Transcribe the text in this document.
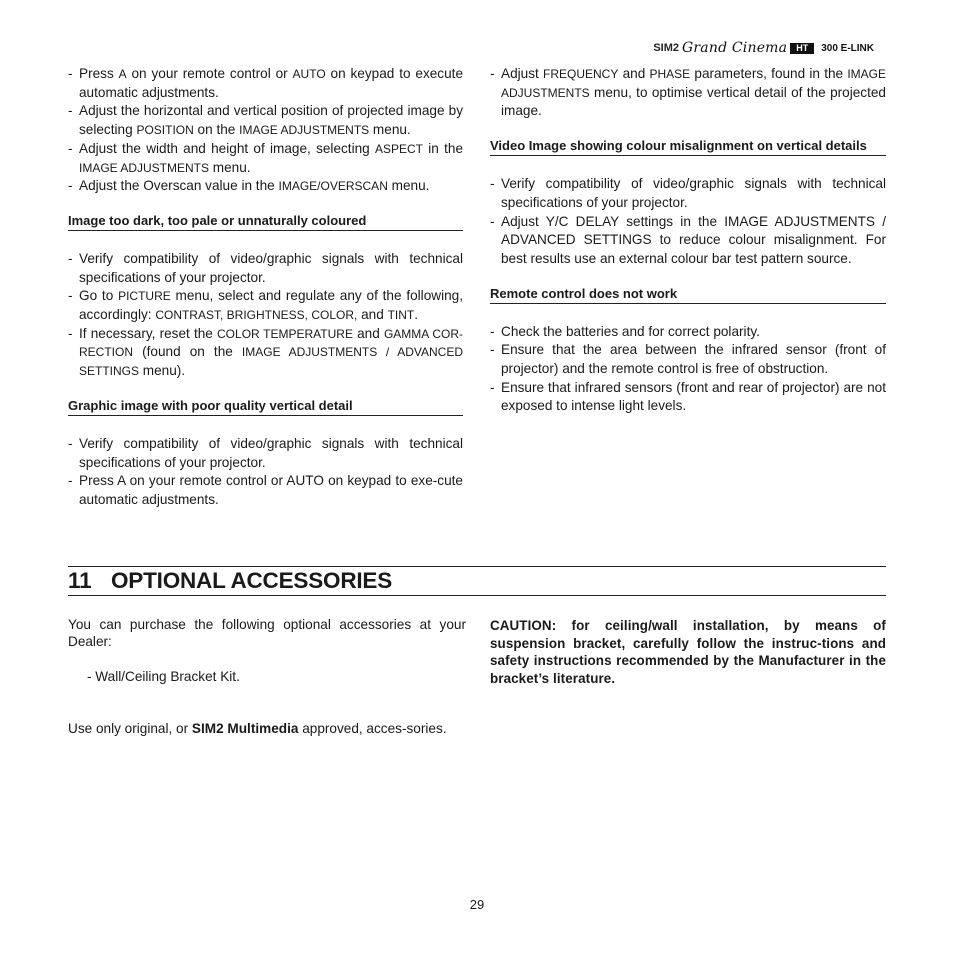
SIM2 Grand Cinema	HT	300 E-LINK

- Press A on your remote control or AUTO on keypad to execute automatic adjustments.

- Adjust the horizontal and vertical position of projected image by selecting POSITION on the IMAGE ADJUSTMENTS menu.

- Adjust the width and height of image, selecting ASPECT in the IMAGE ADJUSTMENTS menu.

- Adjust the Overscan value in the IMAGE/OVERSCAN menu.

Image too dark, too pale or unnaturally coloured

- Verify compatibility of video/graphic signals with technical specifications of your projector.

- Go to PICTURE menu, select and regulate any of the following, accordingly: CONTRAST, BRIGHTNESS, COLOR, and TINT.

- If necessary, reset the COLOR TEMPERATURE and GAMMA COR-RECTION (found on the IMAGE ADJUSTMENTS / ADVANCED SETTINGS menu).

Graphic image with poor quality vertical detail

- Verify compatibility of video/graphic signals with technical specifications of your projector.

- Press A on your remote control or AUTO on keypad to exe-cute automatic adjustments.

- Adjust FREQUENCY and PHASE parameters, found in the IMAGE ADJUSTMENTS menu, to optimise vertical detail of the projected image.

Video Image showing colour misalignment on vertical details

- Verify compatibility of video/graphic signals with technical specifications of your projector.

- Adjust Y/C DELAY settings in the IMAGE ADJUSTMENTS / ADVANCED SETTINGS to reduce colour misalignment. For best results use an external colour bar test pattern source.

Remote control does not work

- Check the batteries and for correct polarity.

- Ensure that the area between the infrared sensor (front of projector) and the remote control is free of obstruction.

- Ensure that infrared sensors (front and rear of projector) are not exposed to intense light levels.

11 OPTIONAL ACCESSORIES
You can purchase the following optional accessories at your Dealer:
- Wall/Ceiling Bracket Kit.
Use only original, or SIM2 Multimedia approved, acces-sories.
CAUTION: for ceiling/wall installation, by means of suspension bracket, carefully follow the instruc-tions and safety instructions recommended by the Manufacturer in the bracket’s literature.
29
